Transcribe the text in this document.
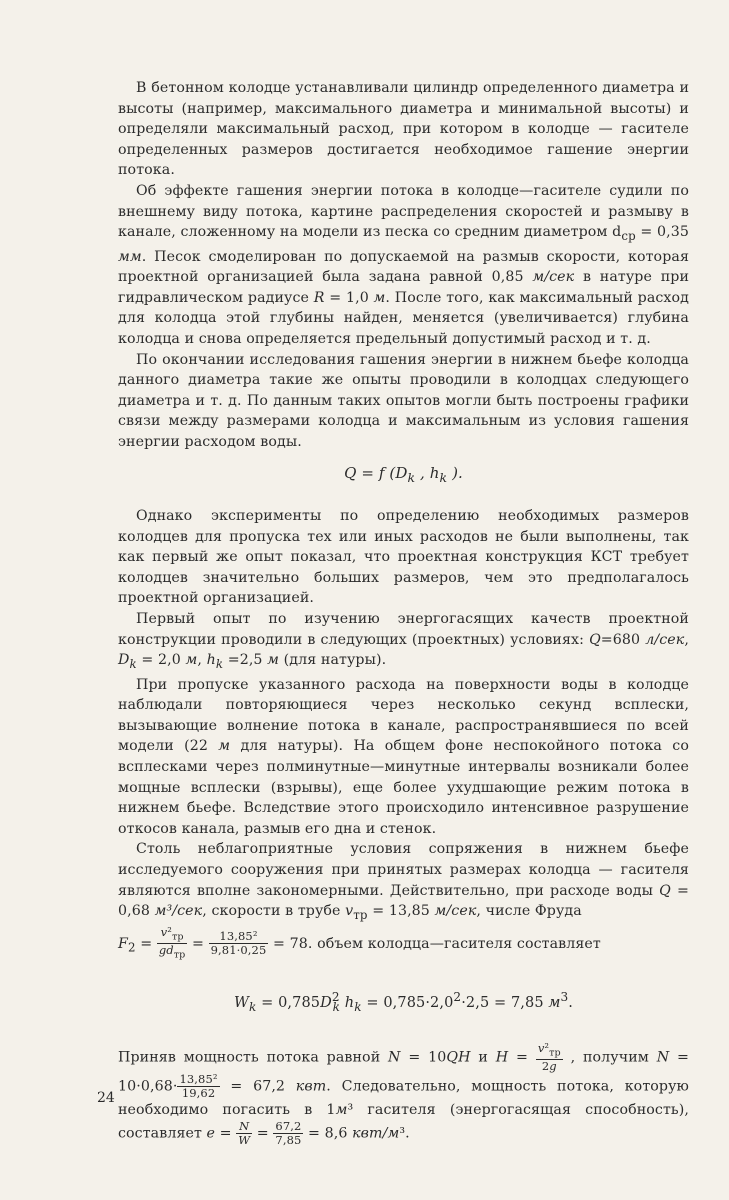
В бетонном колодце устанавливали цилиндр определенного диаметра и высоты (например, максимального диаметра и минимальной высоты) и определяли максимальный расход, при котором в колодце — гасителе определенных размеров достигается необходимое гашение энергии потока.

Об эффекте гашения энергии потока в колодце—гасителе судили по внешнему виду потока, картине распределения скоростей и размыву в канале, сложенному на модели из песка со средним диаметром $d_{ср} = 0,35$ мм. Песок смоделирован по допускаемой на размыв скорости, которая проектной организацией была задана равной 0,85 м/сек в натуре при гидравлическом радиусе R = 1,0 м. После того, как максимальный расход для колодца этой глубины найден, меняется (увеличивается) глубина колодца и снова определяется предельный допустимый расход и т. д.

По окончании исследования гашения энергии в нижнем бьефе колодца данного диаметра такие же опыты проводили в колодцах следующего диаметра и т. д. По данным таких опытов могли быть построены графики связи между размерами колодца и максимальным из условия гашения энергии расходом воды.

Q = f ($D_k$ , $h_k$ ).

Однако эксперименты по определению необходимых размеров колодцев для пропуска тех или иных расходов не были выполнены, так как первый же опыт показал, что проектная конструкция КСТ требует колодцев значительно больших размеров, чем это предполагалось проектной организацией.

Первый опыт по изучению энергогасящих качеств проектной конструкции проводили в следующих (проектных) условиях: Q=680 л/сек, $D_k = 2,0$ м, $h_k =2,5$ м (для натуры).

При пропуске указанного расхода на поверхности воды в колодце наблюдали повторяющиеся через несколько секунд всплески, вызывающие волнение потока в канале, распространявшиеся по всей модели (22 м для натуры). На общем фоне неспокойного потока со всплесками через полминутные—минутные интервалы возникали более мощные всплески (взрывы), еще более ухудшающие режим потока в нижнем бьефе. Вследствие этого происходило интенсивное разрушение откосов канала, размыв его дна и стенок.

Столь неблагоприятные условия сопряжения в нижнем бьефе исследуемого сооружения при принятых размерах колодца — гасителя являются вполне закономерными. Действительно, при расходе воды Q = 0,68 м³/сек, скорости в трубе $v_{тр} = 13,85$ м/сек, числе Фруда

$F_2 = \frac{v^2_{тр}}{gd_{тр}} = \frac{\text{13,85²}}{9,81\cdot 0,25} = 78$. объем колодца—гасителя составляет

$W_k = 0,785D^2_k$ $h_k = 0,785\cdot 2,0^2\cdot 2,5 = 7,85$ $м^3$.

Приняв мощность потока равной N = 10QH и $H = \frac{v^2_{тр}}{2g}$ , получим $N = 10\cdot 0,68\cdot \frac{\text{13,85²}}{19,62} = 67,2$ квт. Следовательно, мощность потока, которую необходимо погасить в 1м³ гасителя (энергогасящая способность), составляет $e = \frac{N}{W} = \frac{67,2}{7,85} = 8,6$ квт/м³.

24
